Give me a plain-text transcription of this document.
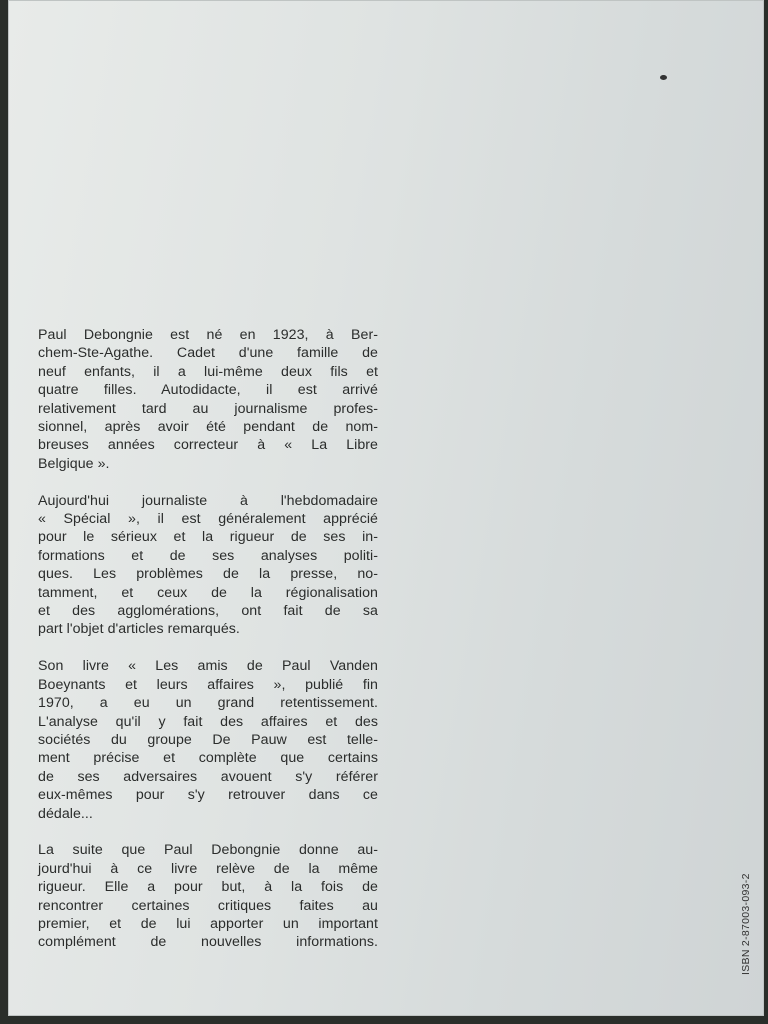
Paul Debongnie est né en 1923, à Ber-
chem-Ste-Agathe. Cadet d'une famille de
neuf enfants, il a lui-même deux fils et
quatre filles. Autodidacte, il est arrivé
relativement tard au journalisme profes-
sionnel, après avoir été pendant de nom-
breuses années correcteur à « La Libre
Belgique ».
Aujourd'hui journaliste à l'hebdomadaire
« Spécial », il est généralement apprécié
pour le sérieux et la rigueur de ses in-
formations et de ses analyses politi-
ques. Les problèmes de la presse, no-
tamment, et ceux de la régionalisation
et des agglomérations, ont fait de sa
part l'objet d'articles remarqués.
Son livre « Les amis de Paul Vanden
Boeynants et leurs affaires », publié fin
1970, a eu un grand retentissement.
L'analyse qu'il y fait des affaires et des
sociétés du groupe De Pauw est telle-
ment précise et complète que certains
de ses adversaires avouent s'y référer
eux-mêmes pour s'y retrouver dans ce
dédale...
La suite que Paul Debongnie donne au-
jourd'hui à ce livre relève de la même
rigueur. Elle a pour but, à la fois de
rencontrer certaines critiques faites au
premier, et de lui apporter un important
complément de nouvelles informations.	ISBN 2-87003-093-2
